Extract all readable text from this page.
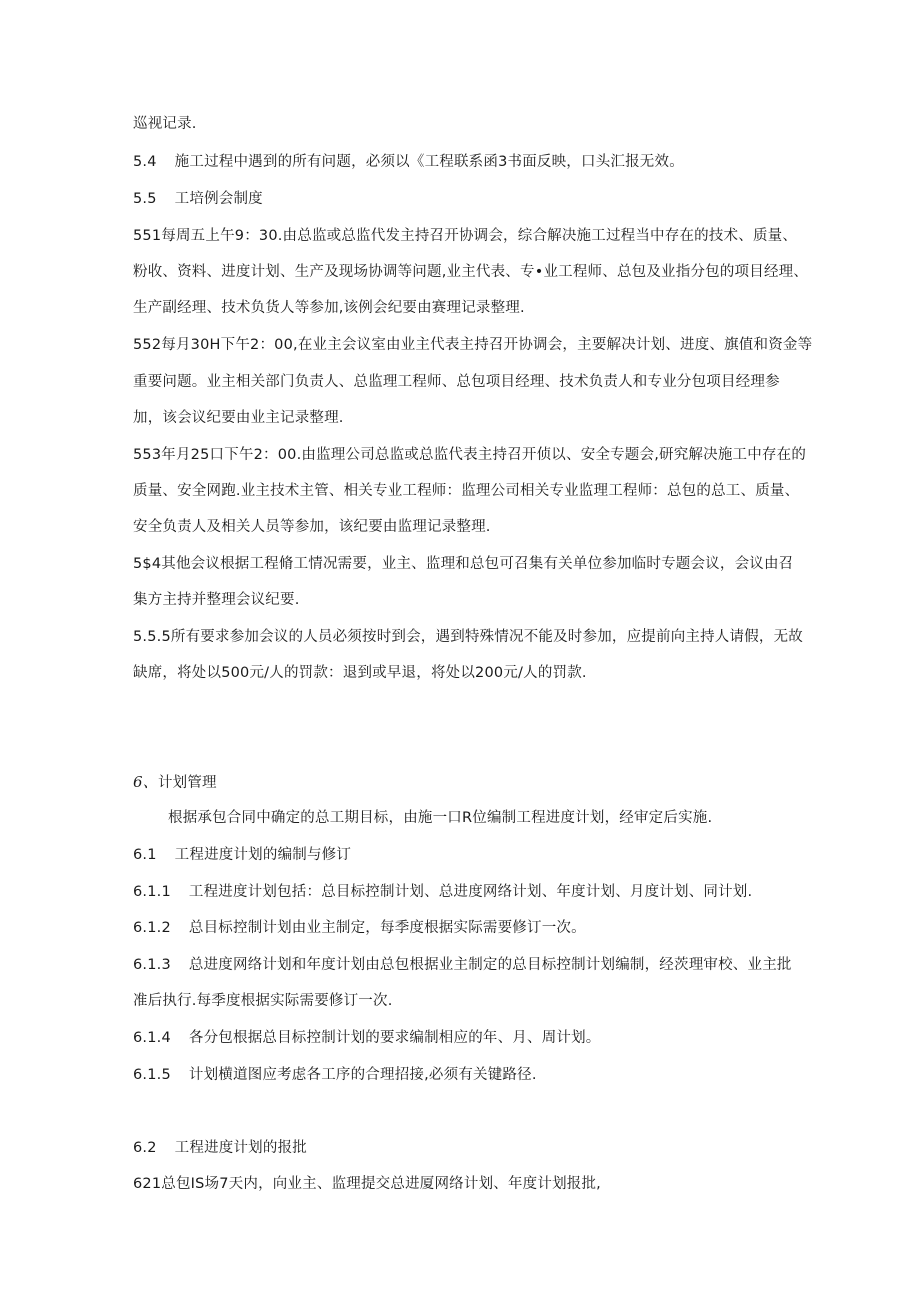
巡视记录.
5.4 施工过程中遇到的所有问题，必须以《工程联系函3书面反映，口头汇报无效。
5.5 工培例会制度
551每周五上午9：30.由总监或总监代发主持召开协调会，综合解决施工过程当中存在的技术、质量、
粉收、资料、进度计划、生产及现场协调等问题,业主代表、专•业工程师、总包及业指分包的项目经理、
生产副经理、技术负货人等参加,该例会纪要由赛理记录整理.
552每月30H下午2：00,在业主会议室由业主代表主持召开协调会，主要解决计划、进度、旗值和资金等
重要问题。业主相关部门负责人、总监理工程师、总包项目经理、技术负责人和专业分包项目经理参
加，该会议纪要由业主记录整理.
553年月25口下午2：00.由监理公司总监或总监代表主持召开侦以、安全专题会,研究解决施工中存在的
质量、安全网跑.业主技术主管、相关专业工程师：监理公司相关专业监理工程师：总包的总工、质量、
安全负责人及相关人员等参加，该纪要由监理记录整理.
5$4其他会议根据工程脩工情况需要，业主、监理和总包可召集有关单位参加临时专题会议，会议由召
集方主持并整理会议纪要.
5.5.5所有要求参加会议的人员必须按时到会，遇到特殊情况不能及时参加，应提前向主持人请假，无故
缺席，将处以500元/人的罚款：退到或早退，将处以200元/人的罚款.
6、计划管理
根据承包合同中确定的总工期目标，由施一口R位编制工程进度计划，经审定后实施.
6.1 工程进度计划的编制与修订
6.1.1 工程进度计划包括：总目标控制计划、总进度网络计划、年度计划、月度计划、同计划.
6.1.2 总目标控制计划由业主制定，每季度根据实际需要修订一次。
6.1.3 总进度网络计划和年度计划由总包根据业主制定的总目标控制计划编制，经茨理审校、业主批
准后执行.每季度根据实际需要修订一次.
6.1.4 各分包根据总目标控制计划的要求编制相应的年、月、周计划。
6.1.5 计划横道图应考虑各工序的合理招接,必须有关键路径.
6.2 工程进度计划的报批
621总包IS场7天内，向业主、监理提交总进厦网络计划、年度计划报批,
